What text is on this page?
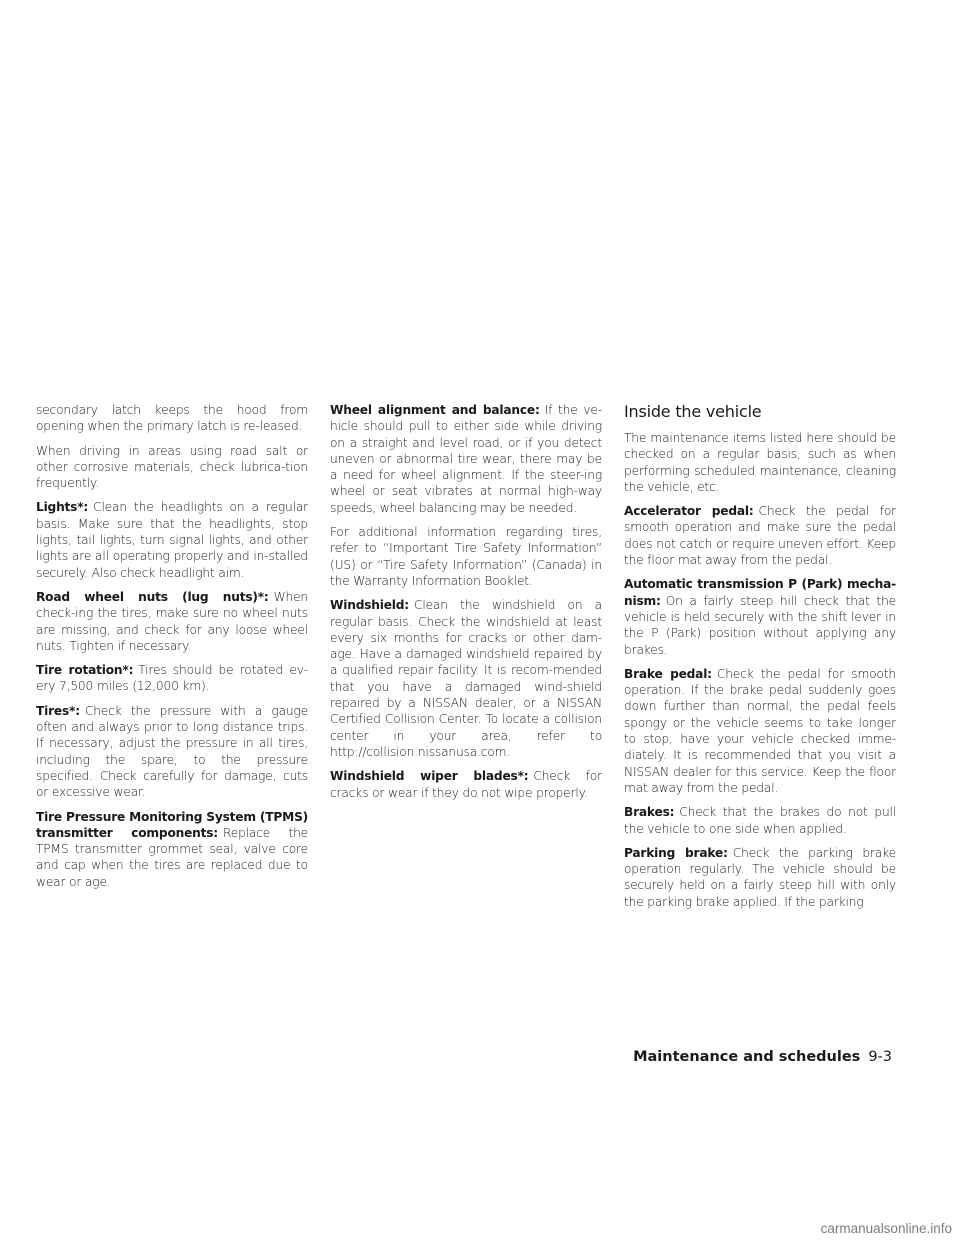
secondary latch keeps the hood from opening when the primary latch is re-leased.

When driving in areas using road salt or other corrosive materials, check lubrica-tion frequently.

Lights*: Clean the headlights on a regular basis. Make sure that the headlights, stop lights, tail lights, turn signal lights, and other lights are all operating properly and in-stalled securely. Also check headlight aim.

Road wheel nuts (lug nuts)*: When check-ing the tires, make sure no wheel nuts are missing, and check for any loose wheel nuts. Tighten if necessary.

Tire rotation*: Tires should be rotated ev-ery 7,500 miles (12,000 km).

Tires*: Check the pressure with a gauge often and always prior to long distance trips. If necessary, adjust the pressure in all tires, including the spare, to the pressure specified. Check carefully for damage, cuts or excessive wear.

Tire Pressure Monitoring System (TPMS) transmitter components: Replace the TPMS transmitter grommet seal, valve core and cap when the tires are replaced due to wear or age.

Wheel alignment and balance: If the ve-hicle should pull to either side while driving on a straight and level road, or if you detect uneven or abnormal tire wear, there may be a need for wheel alignment. If the steer-ing wheel or seat vibrates at normal high-way speeds, wheel balancing may be needed.

For additional information regarding tires, refer to “Important Tire Safety Information” (US) or “Tire Safety Information” (Canada) in the Warranty Information Booklet.

Windshield: Clean the windshield on a regular basis. Check the windshield at least every six months for cracks or other dam-age. Have a damaged windshield repaired by a qualified repair facility. It is recom-mended that you have a damaged wind-shield repaired by a NISSAN dealer, or a NISSAN Certified Collision Center. To locate a collision center in your area, refer to http://collision.nissanusa.com.

Windshield wiper blades*: Check for cracks or wear if they do not wipe properly.

Inside the vehicle

The maintenance items listed here should be checked on a regular basis, such as when performing scheduled maintenance, cleaning the vehicle, etc.

Accelerator pedal: Check the pedal for smooth operation and make sure the pedal does not catch or require uneven effort. Keep the floor mat away from the pedal.

Automatic transmission P (Park) mecha-nism: On a fairly steep hill check that the vehicle is held securely with the shift lever in the P (Park) position without applying any brakes.

Brake pedal: Check the pedal for smooth operation. If the brake pedal suddenly goes down further than normal, the pedal feels spongy or the vehicle seems to take longer to stop, have your vehicle checked imme-diately. It is recommended that you visit a NISSAN dealer for this service. Keep the floor mat away from the pedal.

Brakes: Check that the brakes do not pull the vehicle to one side when applied.

Parking brake: Check the parking brake operation regularly. The vehicle should be securely held on a fairly steep hill with only the parking brake applied. If the parking

Maintenance and schedules 9-3
carmanualsonline.info
